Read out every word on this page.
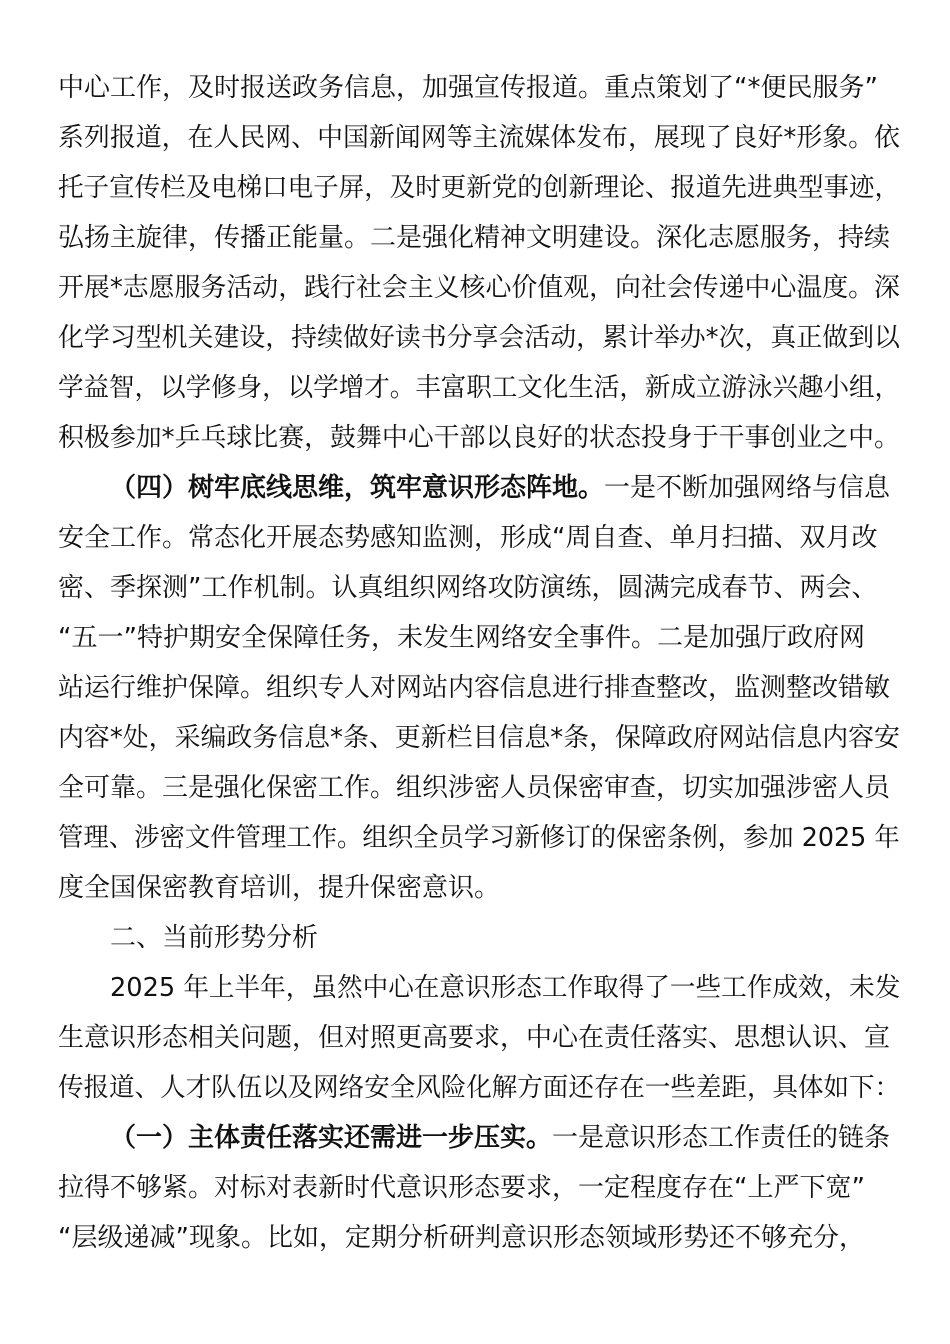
中心工作，及时报送政务信息，加强宣传报道。重点策划了“*便民服务”
系列报道，在人民网、中国新闻网等主流媒体发布，展现了良好*形象。依
托子宣传栏及电梯口电子屏，及时更新党的创新理论、报道先进典型事迹，
弘扬主旋律，传播正能量。二是强化精神文明建设。深化志愿服务，持续
开展*志愿服务活动，践行社会主义核心价值观，向社会传递中心温度。深
化学习型机关建设，持续做好读书分享会活动，累计举办*次，真正做到以
学益智，以学修身，以学增才。丰富职工文化生活，新成立游泳兴趣小组，
积极参加*乒乓球比赛，鼓舞中心干部以良好的状态投身于干事创业之中。
（四）树牢底线思维，筑牢意识形态阵地。一是不断加强网络与信息
安全工作。常态化开展态势感知监测，形成“周自查、单月扫描、双月改
密、季探测”工作机制。认真组织网络攻防演练，圆满完成春节、两会、
“五一”特护期安全保障任务，未发生网络安全事件。二是加强厅政府网
站运行维护保障。组织专人对网站内容信息进行排查整改，监测整改错敏
内容*处，采编政务信息*条、更新栏目信息*条，保障政府网站信息内容安
全可靠。三是强化保密工作。组织涉密人员保密审查，切实加强涉密人员
管理、涉密文件管理工作。组织全员学习新修订的保密条例，参加 2025 年
度全国保密教育培训，提升保密意识。
二、当前形势分析
2025 年上半年，虽然中心在意识形态工作取得了一些工作成效，未发
生意识形态相关问题，但对照更高要求，中心在责任落实、思想认识、宣
传报道、人才队伍以及网络安全风险化解方面还存在一些差距，具体如下：
（一）主体责任落实还需进一步压实。一是意识形态工作责任的链条
拉得不够紧。对标对表新时代意识形态要求，一定程度存在“上严下宽”
“层级递减”现象。比如，定期分析研判意识形态领域形势还不够充分，
